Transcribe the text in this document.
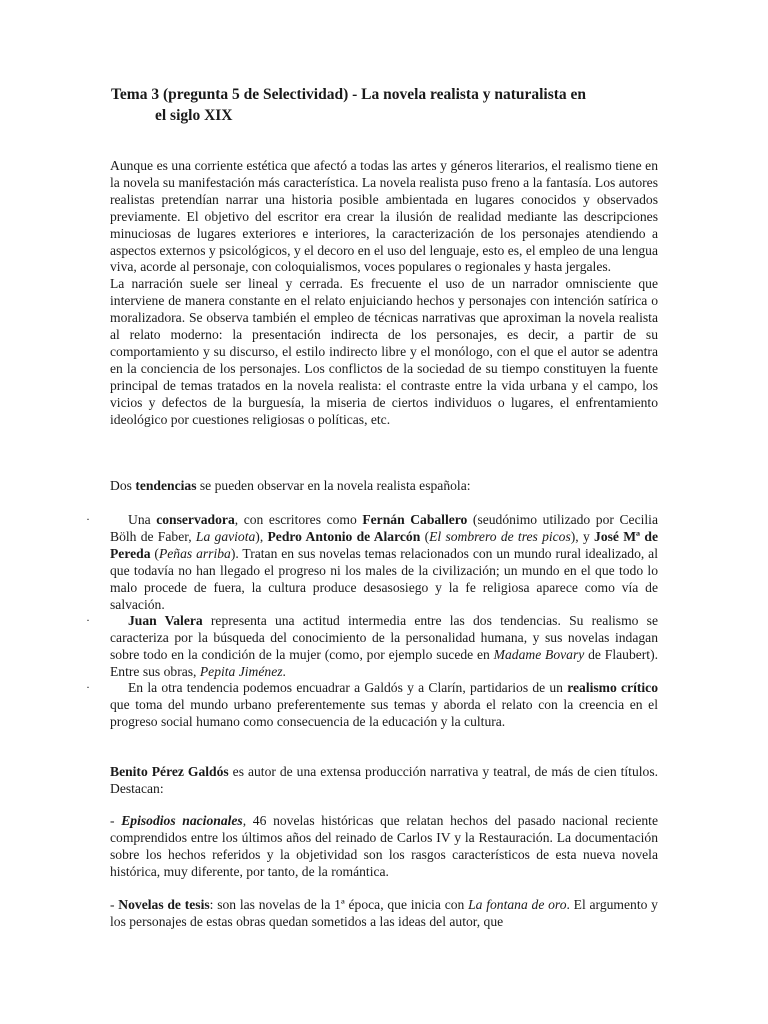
Tema 3 (pregunta 5 de Selectividad) - La novela realista y naturalista en
el siglo XIX
Aunque es una corriente estética que afectó a todas las artes y géneros literarios, el realismo tiene en la novela su manifestación más característica. La novela realista puso freno a la fantasía. Los autores realistas pretendían narrar una historia posible ambientada en lugares conocidos y observados previamente. El objetivo del escritor era crear la ilusión de realidad mediante las descripciones minuciosas de lugares exteriores e interiores, la caracterización de los personajes atendiendo a aspectos externos y psicológicos, y el decoro en el uso del lenguaje, esto es, el empleo de una lengua viva, acorde al personaje, con coloquialismos, voces populares o regionales y hasta jergales.
La narración suele ser lineal y cerrada. Es frecuente el uso de un narrador omnisciente que interviene de manera constante en el relato enjuiciando hechos y personajes con intención satírica o moralizadora. Se observa también el empleo de técnicas narrativas que aproximan la novela realista al relato moderno: la presentación indirecta de los personajes, es decir, a partir de su comportamiento y su discurso, el estilo indirecto libre y el monólogo, con el que el autor se adentra en la conciencia de los personajes. Los conflictos de la sociedad de su tiempo constituyen la fuente principal de temas tratados en la novela realista: el contraste entre la vida urbana y el campo, los vicios y defectos de la burguesía, la miseria de ciertos individuos o lugares, el enfrentamiento ideológico por cuestiones religiosas o políticas, etc.
Dos tendencias se pueden observar en la novela realista española:
·	Una conservadora, con escritores como Fernán Caballero (seudónimo utilizado por Cecilia Bölh de Faber, La gaviota), Pedro Antonio de Alarcón (El sombrero de tres picos), y José Mª de Pereda (Peñas arriba). Tratan en sus novelas temas relacionados con un mundo rural idealizado, al que todavía no han llegado el progreso ni los males de la civilización; un mundo en el que todo lo malo procede de fuera, la cultura produce desasosiego y la fe religiosa aparece como vía de salvación.
·	Juan Valera representa una actitud intermedia entre las dos tendencias. Su realismo se caracteriza por la búsqueda del conocimiento de la personalidad humana, y sus novelas indagan sobre todo en la condición de la mujer (como, por ejemplo sucede en Madame Bovary de Flaubert). Entre sus obras, Pepita Jiménez.
·	En la otra tendencia podemos encuadrar a Galdós y a Clarín, partidarios de un realismo crítico que toma del mundo urbano preferentemente sus temas y aborda el relato con la creencia en el progreso social humano como consecuencia de la educación y la cultura.
Benito Pérez Galdós es autor de una extensa producción narrativa y teatral, de más de cien títulos. Destacan:
- Episodios nacionales, 46 novelas históricas que relatan hechos del pasado nacional reciente comprendidos entre los últimos años del reinado de Carlos IV y la Restauración. La documentación sobre los hechos referidos y la objetividad son los rasgos característicos de esta nueva novela histórica, muy diferente, por tanto, de la romántica.
- Novelas de tesis: son las novelas de la 1ª época, que inicia con La fontana de oro. El argumento y los personajes de estas obras quedan sometidos a las ideas del autor, que
